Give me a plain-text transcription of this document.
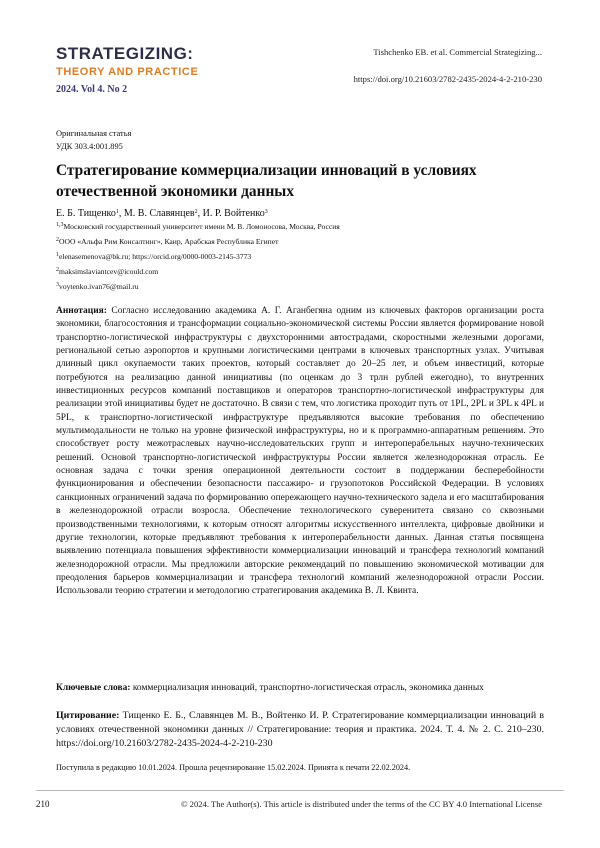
STRATEGIZING:
THEORY AND PRACTICE
2024. Vol 4. No 2
Tishchenko EB. et al. Commercial Strategizing...
https://doi.org/10.21603/2782-2435-2024-4-2-210-230
Оригинальная статья
УДК 303.4:001.895
Стратегирование коммерциализации инноваций в условиях отечественной экономики данных
Е. Б. Тищенко$^1$, М. В. Славянцев$^2$, И. Р. Войтенко$^3$
$^{1,3}$Московский государственный университет имени М. В. Ломоносова, Москва, Россия
$^2$ООО «Альфа Рим Консалтинг», Каир, Арабская Республика Египет
$^1$elenasemenova@bk.ru; https://orcid.org/0000-0003-2145-3773
$^2$maksimslaviantcev@icould.com
$^3$voytenko.ivan76@mail.ru

Аннотация: Согласно исследованию академика А. Г. Аганбегяна одним из ключевых факторов организации роста экономики, благосостояния и трансформации социально-экономической системы России является формирование новой транспортно-логистической инфраструктуры с двухсторонними автострадами, скоростными железными дорогами, региональной сетью аэропортов и крупными логистическими центрами в ключевых транспортных узлах. Учитывая длинный цикл окупаемости таких проектов, который составляет до 20–25 лет, и объем инвестиций, которые потребуются на реализацию данной инициативы (по оценкам до 3 трлн рублей ежегодно), то внутренних инвестиционных ресурсов компаний поставщиков и операторов транспортно-логистической инфраструктуры для реализации этой инициативы будет не достаточно. В связи с тем, что логистика проходит путь от 1PL, 2PL и 3PL к 4PL и 5PL, к транспортно-логистической инфраструктуре предъявляются высокие требования по обеспечению мультимодальности не только на уровне физической инфраструктуры, но и к программно-аппаратным решениям. Это способствует росту межотраслевых научно-исследовательских групп и интероперабельных научно-технических решений. Основой транспортно-логистической инфраструктуры России является железнодорожная отрасль. Ее основная задача с точки зрения операционной деятельности состоит в поддержании бесперебойности функционирования и обеспечении безопасности пассажиро- и грузопотоков Российской Федерации. В условиях санкционных ограничений задача по формированию опережающего научно-технического задела и его масштабирования в железнодорожной отрасли возросла. Обеспечение технологического суверенитета связано со сквозными производственными технологиями, к которым относят алгоритмы искусственного интеллекта, цифровые двойники и другие технологии, которые предъявляют требования к интероперабельности данных. Данная статья посвящена выявлению потенциала повышения эффективности коммерциализации инноваций и трансфера технологий компаний железнодорожной отрасли. Мы предложили авторские рекомендаций по повышению экономической мотивации для преодоления барьеров коммерциализации и трансфера технологий компаний железнодорожной отрасли России. Использовали теорию стратегии и методологию стратегирования академика В. Л. Квинта.

Ключевые слова: коммерциализация инноваций, транспортно-логистическая отрасль, экономика данных

Цитирование: Тищенко Е. Б., Славянцев М. В., Войтенко И. Р. Стратегирование коммерциализации инноваций в условиях отечественной экономики данных // Стратегирование: теория и практика. 2024. Т. 4. № 2. С. 210–230. https://doi.org/10.21603/2782-2435-2024-4-2-210-230

Поступила в редакцию 10.01.2024. Прошла рецензирование 15.02.2024. Принята к печати 22.02.2024.
210	© 2024. The Author(s). This article is distributed under the terms of the CC BY 4.0 International License
